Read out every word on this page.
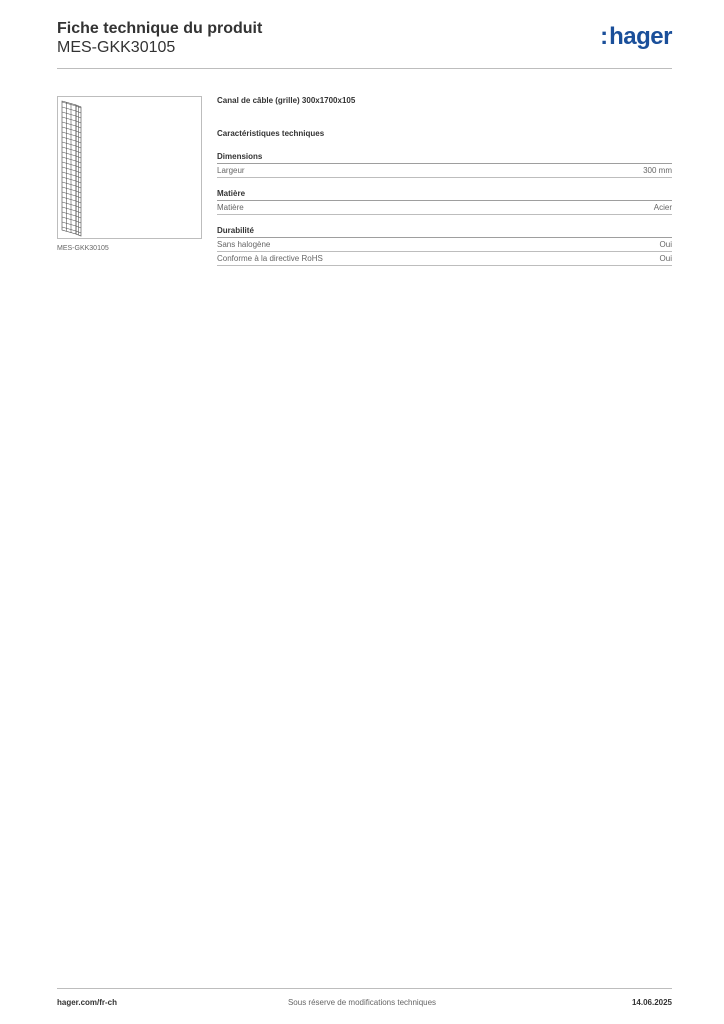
Fiche technique du produit
MES-GKK30105	:hager
MES-GKK30105
Canal de câble (grille) 300x1700x105
Caractéristiques techniques
Dimensions
Largeur	300 mm
Matière
Matière	Acier
Durabilité
Sans halogène	Oui
Conforme à la directive RoHS	Oui
hager.com/fr-ch	Sous réserve de modifications techniques	14.06.2025
